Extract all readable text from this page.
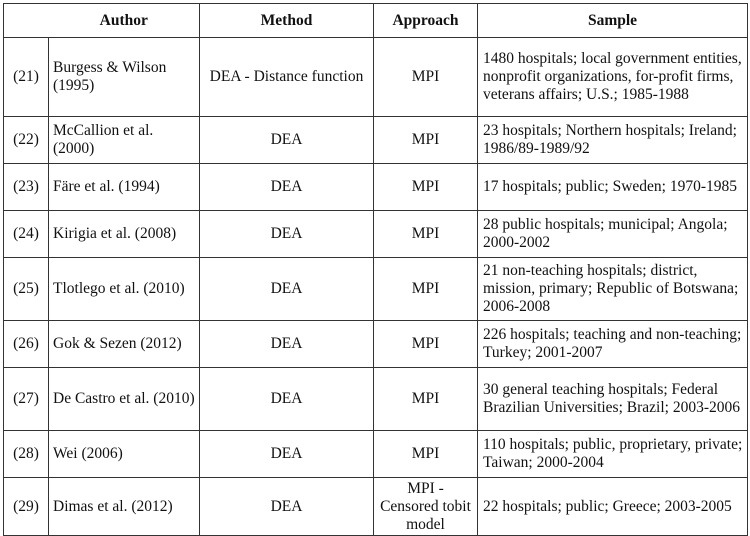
	Author	Method	Approach	Sample
(21)	Burgess & Wilson (1995)	DEA - Distance function	MPI	1480 hospitals; local government entities, nonprofit organizations, for-profit firms, veterans affairs; U.S.; 1985-1988
(22)	McCallion et al. (2000)	DEA	MPI	23 hospitals; Northern hospitals; Ireland; 1986/89-1989/92
(23)	Färe et al. (1994)	DEA	MPI	17 hospitals; public; Sweden; 1970-1985
(24)	Kirigia et al. (2008)	DEA	MPI	28 public hospitals; municipal; Angola; 2000-2002
(25)	Tlotlego et al. (2010)	DEA	MPI	21 non-teaching hospitals; district, mission, primary; Republic of Botswana; 2006-2008
(26)	Gok & Sezen (2012)	DEA	MPI	226 hospitals; teaching and non-teaching; Turkey; 2001-2007
(27)	De Castro et al. (2010)	DEA	MPI	30 general teaching hospitals; Federal Brazilian Universities; Brazil; 2003-2006
(28)	Wei (2006)	DEA	MPI	110 hospitals; public, proprietary, private; Taiwan; 2000-2004
(29)	Dimas et al. (2012)	DEA	MPI - Censored tobit model	22 hospitals; public; Greece; 2003-2005
